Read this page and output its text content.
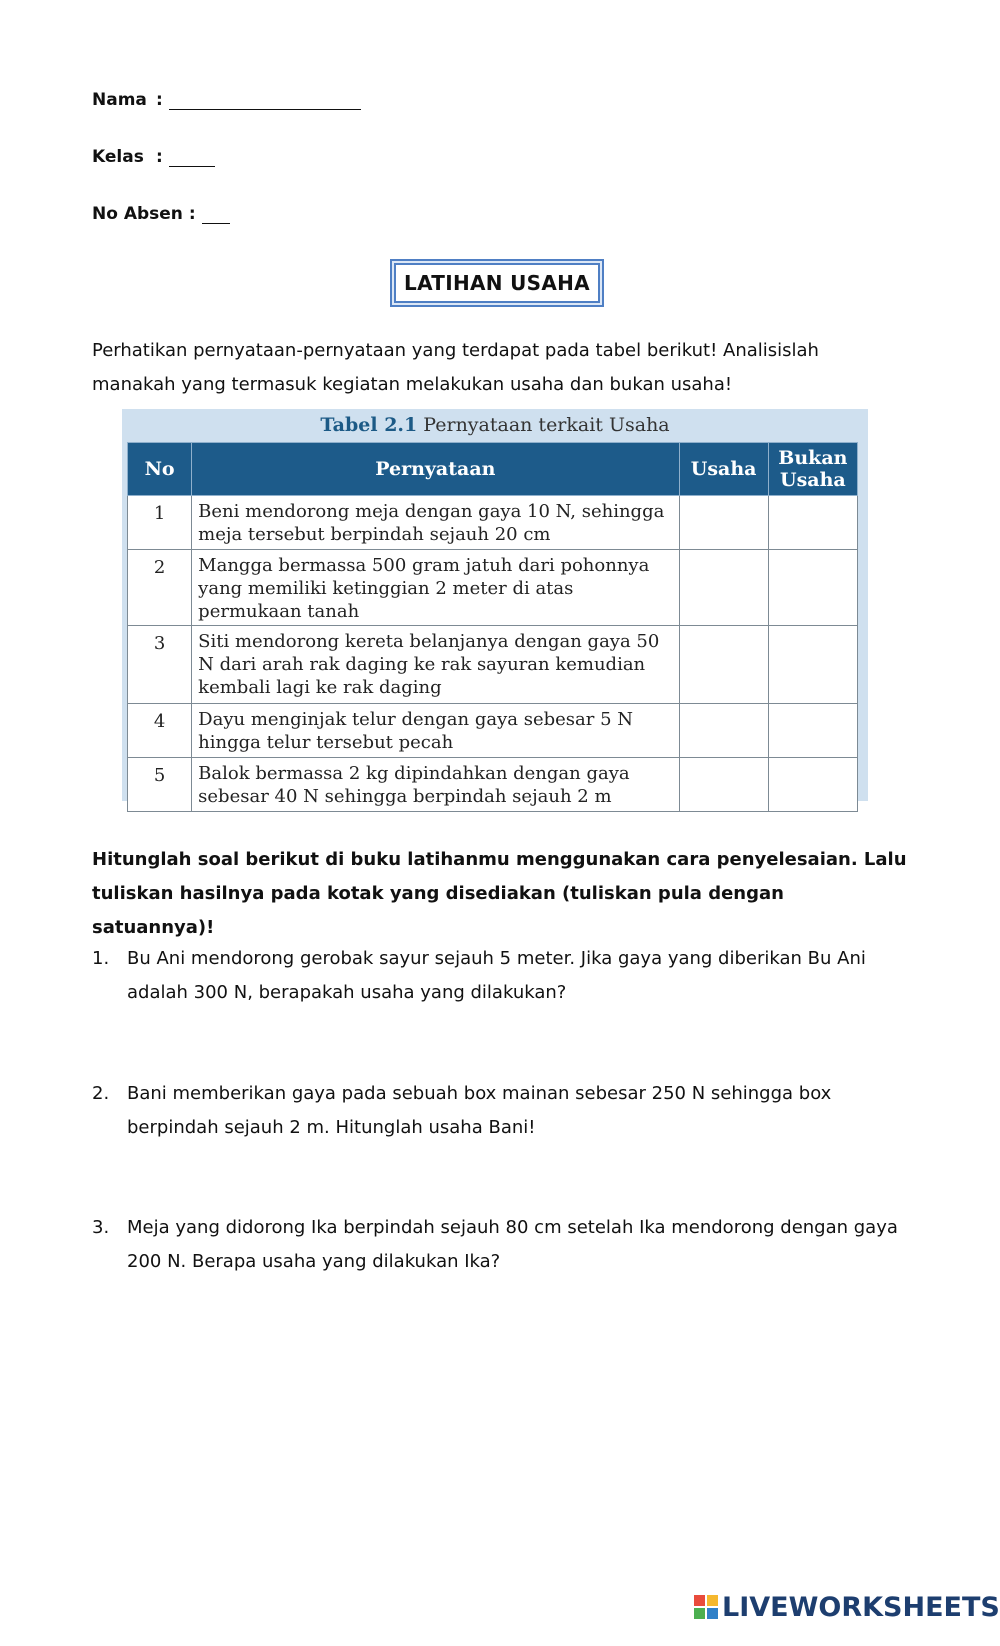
Nama :
Kelas :
No Absen :
LATIHAN USAHA
Perhatikan pernyataan-pernyataan yang terdapat pada tabel berikut! Analisislah manakah yang termasuk kegiatan melakukan usaha dan bukan usaha!
Tabel 2.1 Pernyataan terkait Usaha
No	Pernyataan	Usaha	Bukan Usaha
1	Beni mendorong meja dengan gaya 10 N, sehingga meja tersebut berpindah sejauh 20 cm		
2	Mangga bermassa 500 gram jatuh dari pohonnya yang memiliki ketinggian 2 meter di atas permukaan tanah		
3	Siti mendorong kereta belanjanya dengan gaya 50 N dari arah rak daging ke rak sayuran kemudian kembali lagi ke rak daging		
4	Dayu menginjak telur dengan gaya sebesar 5 N hingga telur tersebut pecah		
5	Balok bermassa 2 kg dipindahkan dengan gaya sebesar 40 N sehingga berpindah sejauh 2 m		
Hitunglah soal berikut di buku latihanmu menggunakan cara penyelesaian. Lalu tuliskan hasilnya pada kotak yang disediakan (tuliskan pula dengan satuannya)!
1. Bu Ani mendorong gerobak sayur sejauh 5 meter. Jika gaya yang diberikan Bu Ani adalah 300 N, berapakah usaha yang dilakukan?
2. Bani memberikan gaya pada sebuah box mainan sebesar 250 N sehingga box berpindah sejauh 2 m. Hitunglah usaha Bani!
3. Meja yang didorong Ika berpindah sejauh 80 cm setelah Ika mendorong dengan gaya 200 N. Berapa usaha yang dilakukan Ika?
LIVEWORKSHEETS
